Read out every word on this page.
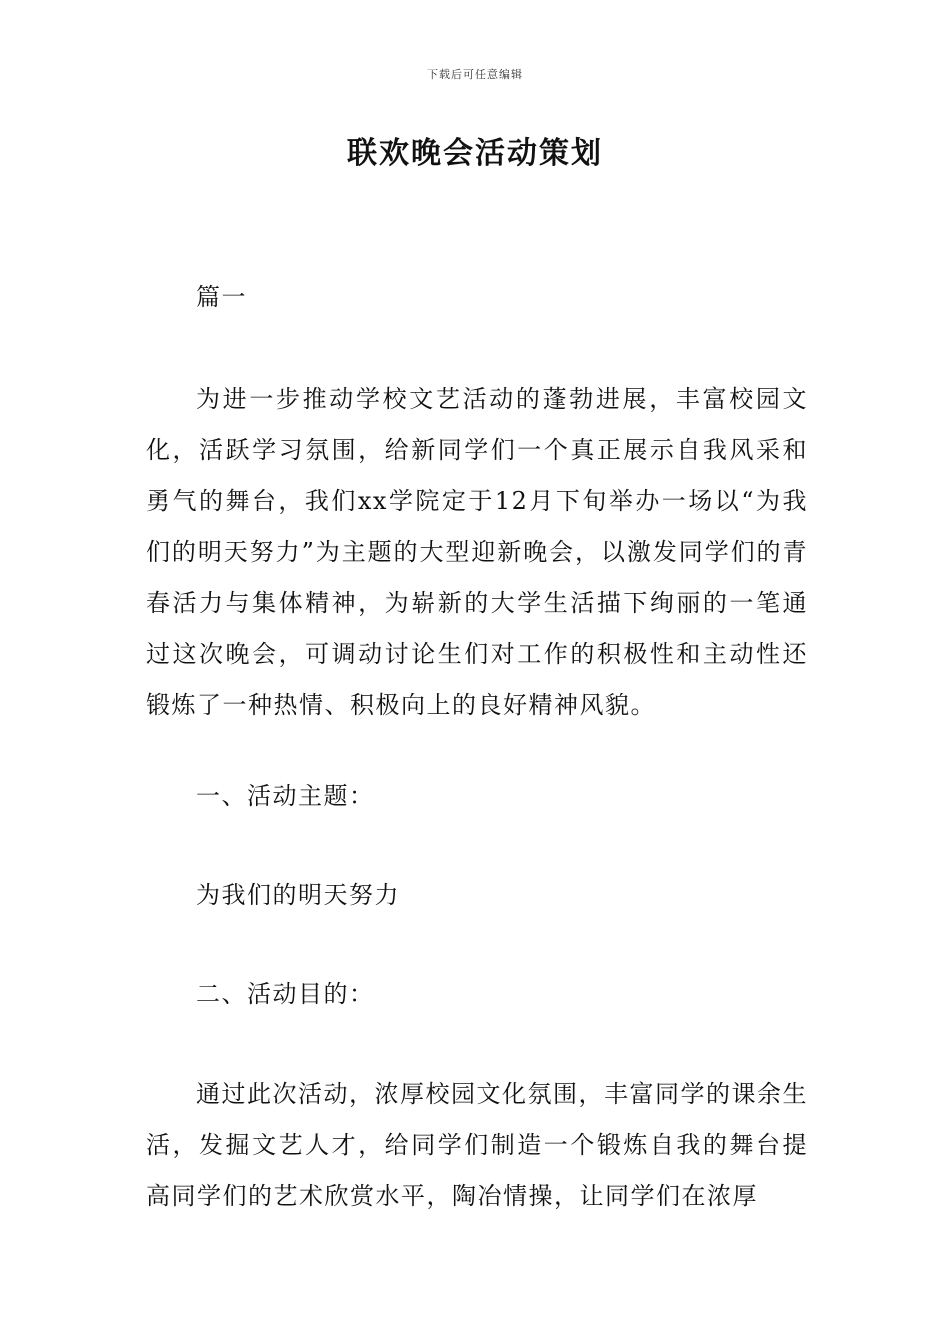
下载后可任意编辑
联欢晚会活动策划

篇一

为进一步推动学校文艺活动的蓬勃进展，丰富校园文化，活跃学习氛围，给新同学们一个真正展示自我风采和勇气的舞台，我们xx学院定于12月下旬举办一场以“为我们的明天努力”为主题的大型迎新晚会，以激发同学们的青春活力与集体精神，为崭新的大学生活描下绚丽的一笔通过这次晚会，可调动讨论生们对工作的积极性和主动性还锻炼了一种热情、积极向上的良好精神风貌。

一、活动主题：

为我们的明天努力

二、活动目的：

通过此次活动，浓厚校园文化氛围，丰富同学的课余生活，发掘文艺人才，给同学们制造一个锻炼自我的舞台提高同学们的艺术欣赏水平，陶冶情操，让同学们在浓厚
